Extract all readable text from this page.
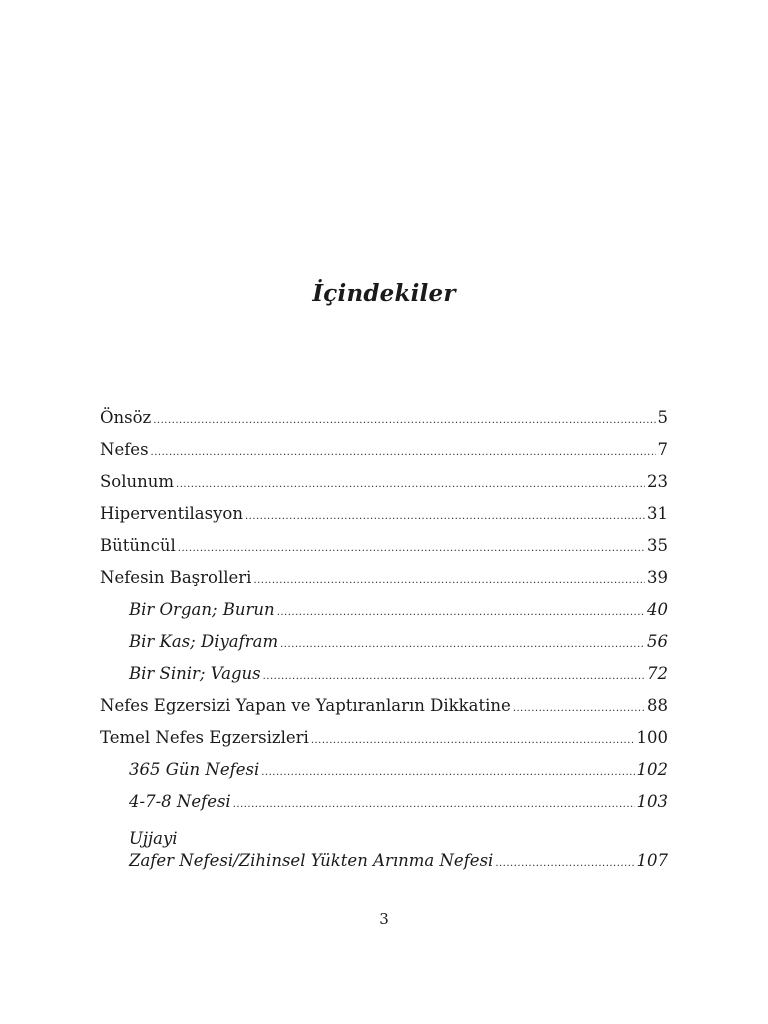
İçindekiler
Önsöz .....	5
Nefes .....	7
Solunum .....	23
Hiperventilasyon .....	31
Bütüncül .....	35
Nefesin Başrolleri .....	39
Bir Organ; Burun .....	40
Bir Kas; Diyafram .....	56
Bir Sinir; Vagus .....	72
Nefes Egzersizi Yapan ve Yaptıranların Dikkatine .....	88
Temel Nefes Egzersizleri .....	100
365 Gün Nefesi .....	102
4-7-8 Nefesi .....	103
Ujjayi
Zafer Nefesi/Zihinsel Yükten Arınma Nefesi .....	107
3
